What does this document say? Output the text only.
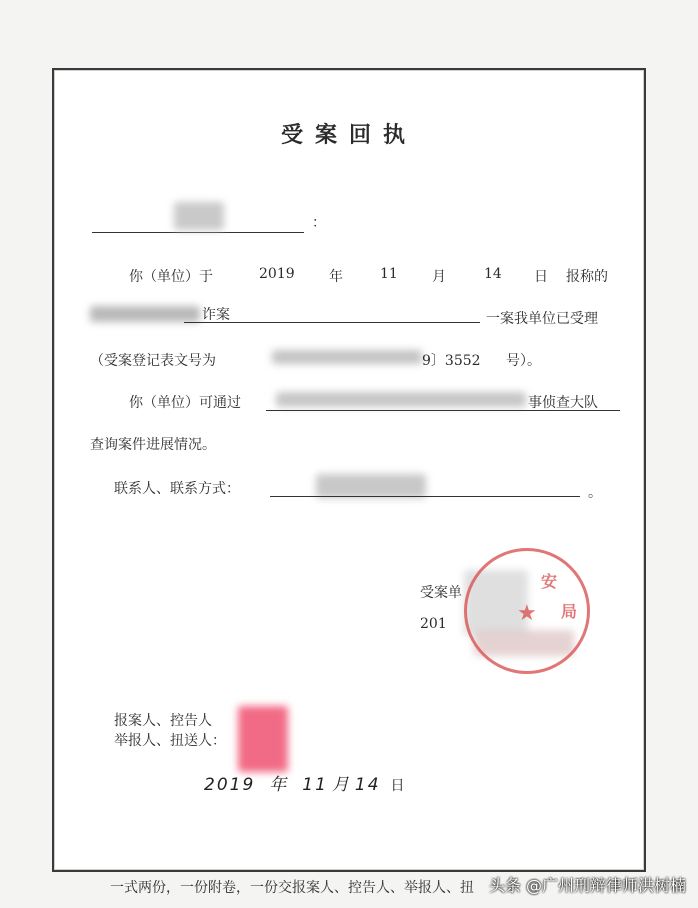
受案回执
：
你（单位）于	2019 年	11 月	14 日 报称的
诈案	一案我单位已受理
（受案登记表文号为	9〕3552 号）。
你（单位）可通过	事侦查大队
查询案件进展情况。
联系人、联系方式：	。
受案单
201	★
安
局
报案人、控告人
举报人、扭送人：
2019 年 11 月 14 日
一式两份，一份附卷，一份交报案人、控告人、举报人、扭 头条 @广州刑辩律师洪树楠
